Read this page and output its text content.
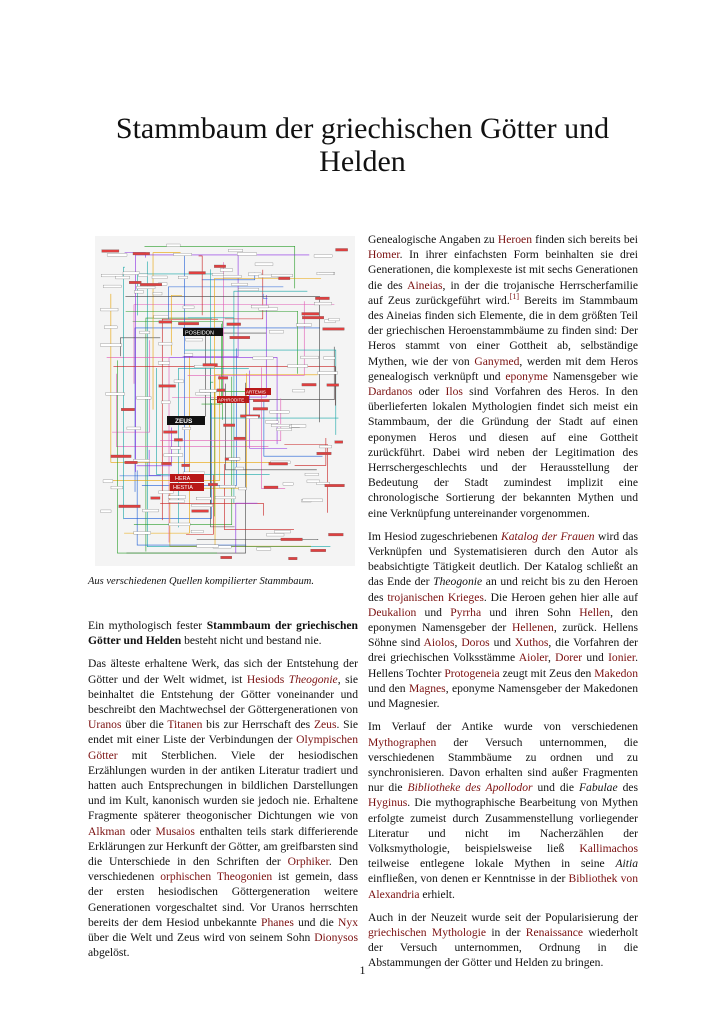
Stammbaum der griechischen Götter und Helden
POSEIDON
ZEUS
HERA
HESTIA
APHRODITE
ARTEMIS
Aus verschiedenen Quellen kompilierter Stammbaum.

Ein mythologisch fester Stammbaum der griechischen Götter und Helden besteht nicht und bestand nie.

Das älteste erhaltene Werk, das sich der Entstehung der Götter und der Welt widmet, ist Hesiods Theogonie, sie beinhaltet die Entstehung der Götter voneinander und beschreibt den Machtwechsel der Göttergenerationen von Uranos über die Titanen bis zur Herrschaft des Zeus. Sie endet mit einer Liste der Verbindungen der Olympischen Götter mit Sterblichen. Viele der hesiodischen Erzählungen wurden in der antiken Literatur tradiert und hatten auch Entsprechungen in bildlichen Darstellungen und im Kult, kanonisch wurden sie jedoch nie. Erhaltene Fragmente späterer theogonischer Dichtungen wie von Alkman oder Musaios enthalten teils stark differierende Erklärungen zur Herkunft der Götter, am greifbarsten sind die Unterschiede in den Schriften der Orphiker. Den verschiedenen orphischen Theogonien ist gemein, dass der ersten hesiodischen Göttergeneration weitere Generationen vorgeschaltet sind. Vor Uranos herrschten bereits der dem Hesiod unbekannte Phanes und die Nyx über die Welt und Zeus wird von seinem Sohn Dionysos abgelöst.

Genealogische Angaben zu Heroen finden sich bereits bei Homer. In ihrer einfachsten Form beinhalten sie drei Generationen, die komplexeste ist mit sechs Generationen die des Aineias, in der die trojanische Herrscherfamilie auf Zeus zurückgeführt wird.[1] Bereits im Stammbaum des Aineias finden sich Elemente, die in dem größten Teil der griechischen Heroenstammbäume zu finden sind: Der Heros stammt von einer Gottheit ab, selbständige Mythen, wie der von Ganymed, werden mit dem Heros genealogisch verknüpft und eponyme Namensgeber wie Dardanos oder Ilos sind Vorfahren des Heros. In den überlieferten lokalen Mythologien findet sich meist ein Stammbaum, der die Gründung der Stadt auf einen eponymen Heros und diesen auf eine Gottheit zurückführt. Dabei wird neben der Legitimation des Herrschergeschlechts und der Herausstellung der Bedeutung der Stadt zumindest implizit eine chronologische Sortierung der bekannten Mythen und eine Verknüpfung untereinander vorgenommen.

Im Hesiod zugeschriebenen Katalog der Frauen wird das Verknüpfen und Systematisieren durch den Autor als beabsichtigte Tätigkeit deutlich. Der Katalog schließt an das Ende der Theogonie an und reicht bis zu den Heroen des trojanischen Krieges. Die Heroen gehen hier alle auf Deukalion und Pyrrha und ihren Sohn Hellen, den eponymen Namensgeber der Hellenen, zurück. Hellens Söhne sind Aiolos, Doros und Xuthos, die Vorfahren der drei griechischen Volksstämme Aioler, Dorer und Ionier. Hellens Tochter Protogeneia zeugt mit Zeus den Makedon und den Magnes, eponyme Namensgeber der Makedonen und Magnesier.

Im Verlauf der Antike wurde von verschiedenen Mythographen der Versuch unternommen, die verschiedenen Stammbäume zu ordnen und zu synchronisieren. Davon erhalten sind außer Fragmenten nur die Bibliotheke des Apollodor und die Fabulae des Hyginus. Die mythographische Bearbeitung von Mythen erfolgte zumeist durch Zusammenstellung vorliegender Literatur und nicht im Nacherzählen der Volksmythologie, beispielsweise ließ Kallimachos teilweise entlegene lokale Mythen in seine Aitia einfließen, von denen er Kenntnisse in der Bibliothek von Alexandria erhielt.

Auch in der Neuzeit wurde seit der Popularisierung der griechischen Mythologie in der Renaissance wiederholt der Versuch unternommen, Ordnung in die Abstammungen der Götter und Helden zu bringen.

1
